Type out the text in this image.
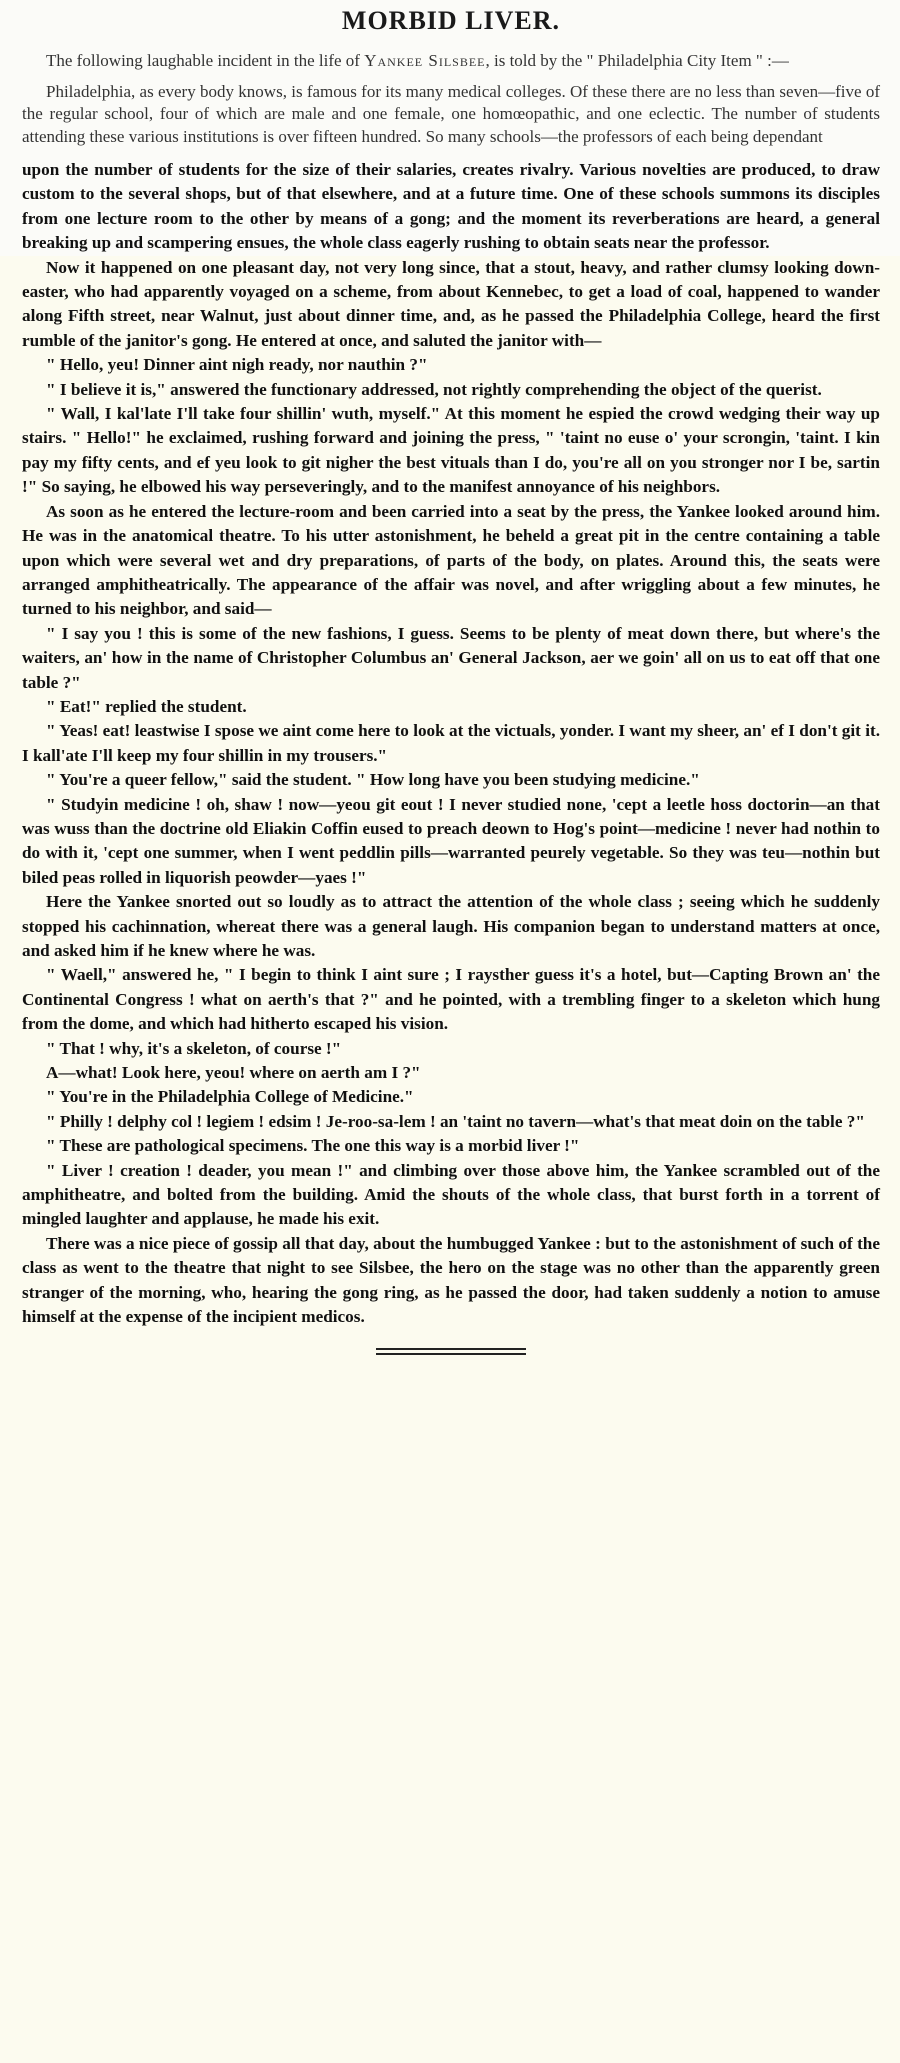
MORBID LIVER.

The following laughable incident in the life of Yankee Silsbee, is told by the " Philadelphia City Item " :—

Philadelphia, as every body knows, is famous for its many medical colleges. Of these there are no less than seven—five of the regular school, four of which are male and one female, one homœopathic, and one eclectic. The number of students attending these various institutions is over fifteen hundred. So many schools—the professors of each being dependant

upon the number of students for the size of their salaries, creates rivalry. Various novelties are produced, to draw custom to the several shops, but of that elsewhere, and at a future time. One of these schools summons its disciples from one lecture room to the other by means of a gong; and the moment its reverberations are heard, a general breaking up and scampering ensues, the whole class eagerly rushing to obtain seats near the professor.

Now it happened on one pleasant day, not very long since, that a stout, heavy, and rather clumsy looking down-easter, who had apparently voyaged on a scheme, from about Kennebec, to get a load of coal, happened to wander along Fifth street, near Walnut, just about dinner time, and, as he passed the Philadelphia College, heard the first rumble of the janitor's gong. He entered at once, and saluted the janitor with—

" Hello, yeu! Dinner aint nigh ready, nor nauthin ?"

" I believe it is," answered the functionary addressed, not rightly comprehending the object of the querist.

" Wall, I kal'late I'll take four shillin' wuth, myself." At this moment he espied the crowd wedging their way up stairs. " Hello!" he exclaimed, rushing forward and joining the press, " 'taint no euse o' your scrongin, 'taint. I kin pay my fifty cents, and ef yeu look to git nigher the best vituals than I do, you're all on you stronger nor I be, sartin !" So saying, he elbowed his way perseveringly, and to the manifest annoyance of his neighbors.

As soon as he entered the lecture-room and been carried into a seat by the press, the Yankee looked around him. He was in the anatomical theatre. To his utter astonishment, he beheld a great pit in the centre containing a table upon which were several wet and dry preparations, of parts of the body, on plates. Around this, the seats were arranged amphitheatrically. The appearance of the affair was novel, and after wriggling about a few minutes, he turned to his neighbor, and said—

" I say you ! this is some of the new fashions, I guess. Seems to be plenty of meat down there, but where's the waiters, an' how in the name of Christopher Columbus an' General Jackson, aer we goin' all on us to eat off that one table ?"

" Eat!" replied the student.

" Yeas! eat! leastwise I spose we aint come here to look at the victuals, yonder. I want my sheer, an' ef I don't git it. I kall'ate I'll keep my four shillin in my trousers."

" You're a queer fellow," said the student. " How long have you been studying medicine."

" Studyin medicine ! oh, shaw ! now—yeou git eout ! I never studied none, 'cept a leetle hoss doctorin—an that was wuss than the doctrine old Eliakin Coffin eused to preach deown to Hog's point—medicine ! never had nothin to do with it, 'cept one summer, when I went peddlin pills—warranted peurely vegetable. So they was teu—nothin but biled peas rolled in liquorish peowder—yaes !"

Here the Yankee snorted out so loudly as to attract the attention of the whole class ; seeing which he suddenly stopped his cachinnation, whereat there was a general laugh. His companion began to understand matters at once, and asked him if he knew where he was.

" Waell," answered he, " I begin to think I aint sure ; I raysther guess it's a hotel, but—Capting Brown an' the Continental Congress ! what on aerth's that ?" and he pointed, with a trembling finger to a skeleton which hung from the dome, and which had hitherto escaped his vision.

" That ! why, it's a skeleton, of course !"

A—what! Look here, yeou! where on aerth am I ?"

" You're in the Philadelphia College of Medicine."

" Philly ! delphy col ! legiem ! edsim ! Je-roo-sa-lem ! an 'taint no tavern—what's that meat doin on the table ?"

" These are pathological specimens. The one this way is a morbid liver !"

" Liver ! creation ! deader, you mean !" and climbing over those above him, the Yankee scrambled out of the amphitheatre, and bolted from the building. Amid the shouts of the whole class, that burst forth in a torrent of mingled laughter and applause, he made his exit.

There was a nice piece of gossip all that day, about the humbugged Yankee : but to the astonishment of such of the class as went to the theatre that night to see Silsbee, the hero on the stage was no other than the apparently green stranger of the morning, who, hearing the gong ring, as he passed the door, had taken suddenly a notion to amuse himself at the expense of the incipient medicos.
